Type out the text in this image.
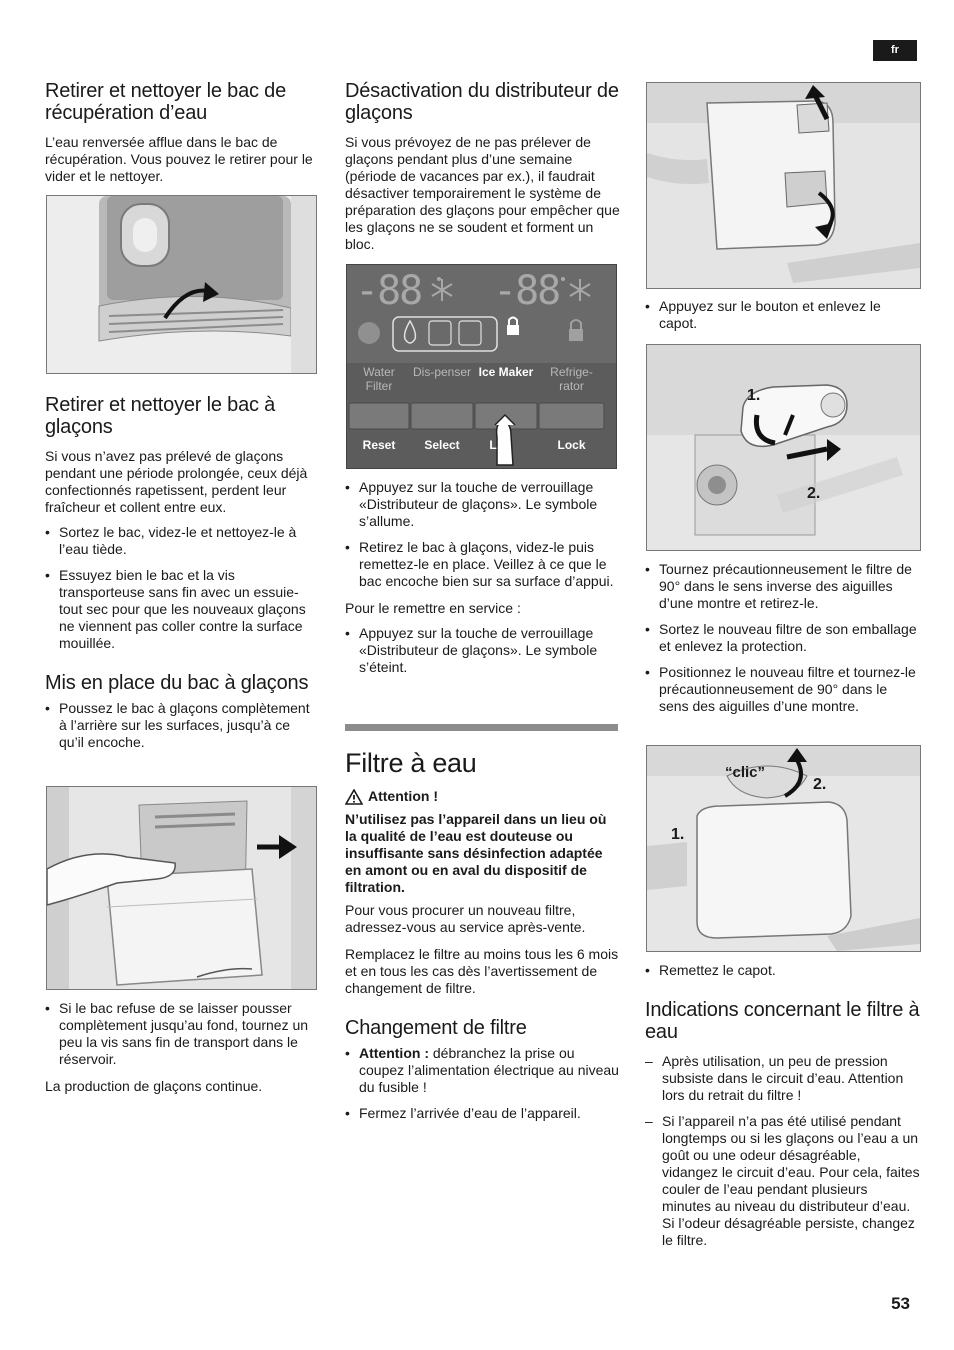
fr
53
Retirer et nettoyer le bac de récupération d’eau

L’eau renversée afflue dans le bac de récupération. Vous pouvez le retirer pour le vider et le nettoyer.

Retirer et nettoyer le bac à glaçons

Si vous n’avez pas prélevé de glaçons pendant une période prolongée, ceux déjà confectionnés rapetissent, perdent leur fraîcheur et collent entre eux.

• Sortez le bac, videz-le et nettoyez-le à l’eau tiède.
• Essuyez bien le bac et la vis transporteuse sans fin avec un essuie-tout sec pour que les nouveaux glaçons ne viennent pas coller contre la surface mouillée.
Mis en place du bac à glaçons
• Poussez le bac à glaçons complètement à l’arrière sur les surfaces, jusqu’à ce qu’il encoche.
• Si le bac refuse de se laisser pousser complètement jusqu’au fond, tournez un peu la vis sans fin de transport dans le réservoir.

La production de glaçons continue.

Désactivation du distributeur de glaçons

Si vous prévoyez de ne pas prélever de glaçons pendant plus d’une semaine (période de vacances par ex.), il faudrait désactiver temporairement le système de préparation des glaçons pour empêcher que les glaçons ne se soudent et forment un bloc.

-88 -88
Water Filter
Dis-penser Ice Maker	Refrige-rator
Reset	Select	L	Lock
• Appuyez sur la touche de verrouillage «Distributeur de glaçons». Le symbole s’allume.
• Retirez le bac à glaçons, videz-le puis remettez-le en place. Veillez à ce que le bac encoche bien sur sa surface d’appui.

Pour le remettre en service :

• Appuyez sur la touche de verrouillage «Distributeur de glaçons». Le symbole s’éteint.
Filtre à eau
Attention !

N’utilisez pas l’appareil dans un lieu où la qualité de l’eau est douteuse ou insuffisante sans désinfection adaptée en amont ou en aval du dispositif de filtration.

Pour vous procurer un nouveau filtre, adressez-vous au service après-vente.

Remplacez le filtre au moins tous les 6 mois et en tous les cas dès l’avertissement de changement de filtre.

Changement de filtre
• Attention : débranchez la prise ou coupez l’alimentation électrique au niveau du fusible !
• Fermez l’arrivée d’eau de l’appareil.
• Appuyez sur le bouton et enlevez le capot.
1.
2.
• Tournez précautionneusement le filtre de 90° dans le sens inverse des aiguilles d’une montre et retirez-le.
• Sortez le nouveau filtre de son emballage et enlevez la protection.
• Positionnez le nouveau filtre et tournez-le précautionneusement de 90° dans le sens des aiguilles d’une montre.
“clic”
2.
1.
• Remettez le capot.
Indications concernant le filtre à eau
– Après utilisation, un peu de pression subsiste dans le circuit d’eau. Attention lors du retrait du filtre !
– Si l’appareil n’a pas été utilisé pendant longtemps ou si les glaçons ou l’eau a un goût ou une odeur désagréable, vidangez le circuit d’eau. Pour cela, faites couler de l’eau pendant plusieurs minutes au niveau du distributeur d’eau. Si l’odeur désagréable persiste, changez le filtre.
